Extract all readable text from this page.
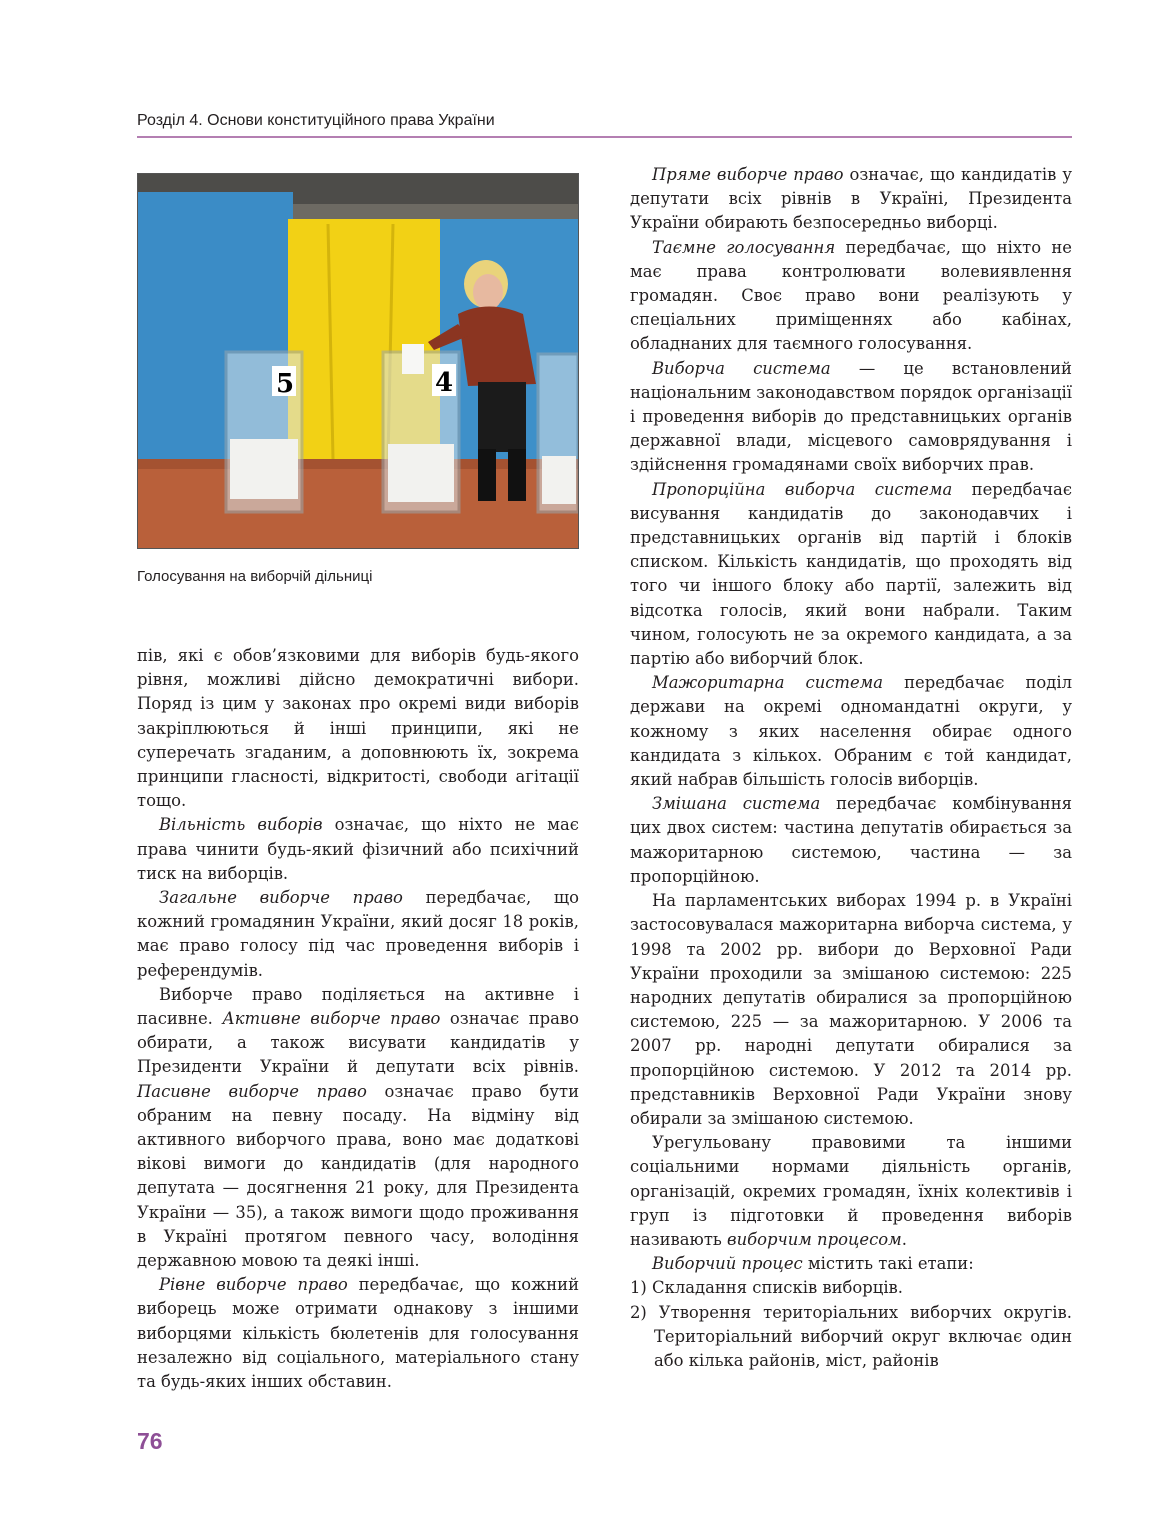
Розділ 4. Основи конституційного права України
5	4
Голосування на виборчій дільниці

пів, які є обов’язковими для виборів будь-якого рівня, можливі дійсно демократичні вибори. Поряд із цим у законах про окремі види виборів закріплюються й інші принципи, які не суперечать згаданим, а доповнюють їх, зокрема принципи гласності, відкритості, свободи агітації тощо.

Вільність виборів означає, що ніхто не має права чинити будь-який фізичний або психічний тиск на виборців.

Загальне виборче право передбачає, що кожний громадянин України, який досяг 18 років, має право голосу під час проведення виборів і референдумів.

Виборче право поділяється на активне і пасивне. Активне виборче право означає право обирати, а також висувати кандидатів у Президенти України й депутати всіх рівнів. Пасивне виборче право означає право бути обраним на певну посаду. На відміну від активного виборчого права, воно має додаткові вікові вимоги до кандидатів (для народного депутата — досягнення 21 року, для Президента України — 35), а також вимоги щодо проживання в Україні протягом певного часу, володіння державною мовою та деякі інші.

Рівне виборче право передбачає, що кожний виборець може отримати однакову з іншими виборцями кількість бюлетенів для голосування незалежно від соціального, матеріального стану та будь-яких інших обставин.

Пряме виборче право означає, що кандидатів у депутати всіх рівнів в Україні, Президента України обирають безпосередньо виборці.

Таємне голосування передбачає, що ніхто не має права контролювати волевиявлення громадян. Своє право вони реалізують у спеціальних приміщеннях або кабінах, обладнаних для таємного голосування.

Виборча система — це встановлений національним законодавством порядок організації і проведення виборів до представницьких органів державної влади, місцевого самоврядування і здійснення громадянами своїх виборчих прав.

Пропорційна виборча система передбачає висування кандидатів до законодавчих і представницьких органів від партій і блоків списком. Кількість кандидатів, що проходять від того чи іншого блоку або партії, залежить від відсотка голосів, який вони набрали. Таким чином, голосують не за окремого кандидата, а за партію або виборчий блок.

Мажоритарна система передбачає поділ держави на окремі одномандатні округи, у кожному з яких населення обирає одного кандидата з кількох. Обраним є той кандидат, який набрав більшість голосів виборців.

Змішана система передбачає комбінування цих двох систем: частина депутатів обирається за мажоритарною системою, частина — за пропорційною.

На парламентських виборах 1994 р. в Україні застосовувалася мажоритарна виборча система, у 1998 та 2002 рр. вибори до Верховної Ради України проходили за змішаною системою: 225 народних депутатів обиралися за пропорційною системою, 225 — за мажоритарною. У 2006 та 2007 рр. народні депутати обиралися за пропорційною системою. У 2012 та 2014 рр. представників Верховної Ради України знову обирали за змішаною системою.

Урегульовану правовими та іншими соціальними нормами діяльність органів, організацій, окремих громадян, їхніх колективів і груп із підготовки й проведення виборів називають виборчим процесом.

Виборчий процес містить такі етапи:

1) Складання списків виборців.

2) Утворення територіальних виборчих округів. Територіальний виборчий округ включає один або кілька районів, міст, районів

76
